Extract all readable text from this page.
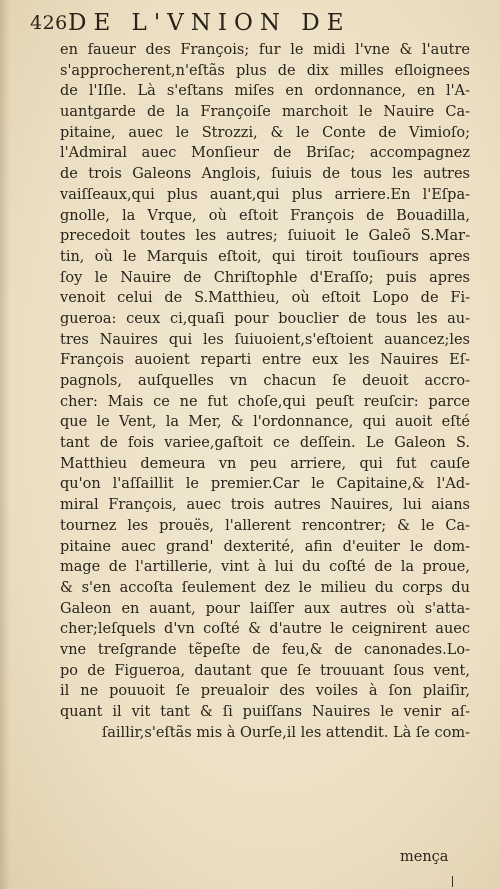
426 DE L'VNION DE
en faueur des François; fur le midi l'vne & l'autre
s'approcherent,n'eſtãs plus de dix milles eſloignees
de l'Iſle. Là s'eſtans miſes en ordonnance, en l'A-
uantgarde de la Françoiſe marchoit le Nauire Ca-
pitaine, auec le Strozzi, & le Conte de Vimioſo;
l'Admiral auec Monſieur de Briſac; accompagnez
de trois Galeons Anglois, ſuiuis de tous les autres
vaiſſeaux,qui plus auant,qui plus arriere.En l'Eſpa-
gnolle, la Vrque, où eſtoit François de Bouadilla,
precedoit toutes les autres; ſuiuoit le Galeõ S.Mar-
tin, où le Marquis eſtoit, qui tiroit touſiours apres
ſoy le Nauire de Chriſtophle d'Eraſſo; puis apres
venoit celui de S.Matthieu, où eſtoit Lopo de Fi-
gueroa: ceux ci,quaſi pour bouclier de tous les au-
tres Nauires qui les ſuiuoient,s'eſtoient auancez;les
François auoient reparti entre eux les Nauires Eſ-
pagnols, auſquelles vn chacun ſe deuoit accro-
cher: Mais ce ne fut choſe,qui peuſt reuſcir: parce
que le Vent, la Mer, & l'ordonnance, qui auoit eſté
tant de fois variee,gaſtoit ce deſſein. Le Galeon S.
Matthieu demeura vn peu arriere, qui fut cauſe
qu'on l'aſſaillit le premier.Car le Capitaine,& l'Ad-
miral François, auec trois autres Nauires, lui aians
tournez les prouës, l'allerent rencontrer; & le Ca-
pitaine auec grand' dexterité, afin d'euiter le dom-
mage de l'artillerie, vint à lui du coſté de la proue,
& s'en accoſta ſeulement dez le milieu du corps du
Galeon en auant, pour laiſſer aux autres où s'atta-
cher;leſquels d'vn coſté & d'autre le ceignirent auec
vne treſgrande tẽpeſte de feu,& de canonades.Lo-
po de Figueroa, dautant que ſe trouuant ſous vent,
il ne pouuoit ſe preualoir des voiles à ſon plaiſir,
quant il vit tant & ſi puiſſans Nauires le venir aſ-
ſaillir,s'eſtãs mis à Ourſe,il les attendit. Là ſe com-
mença
